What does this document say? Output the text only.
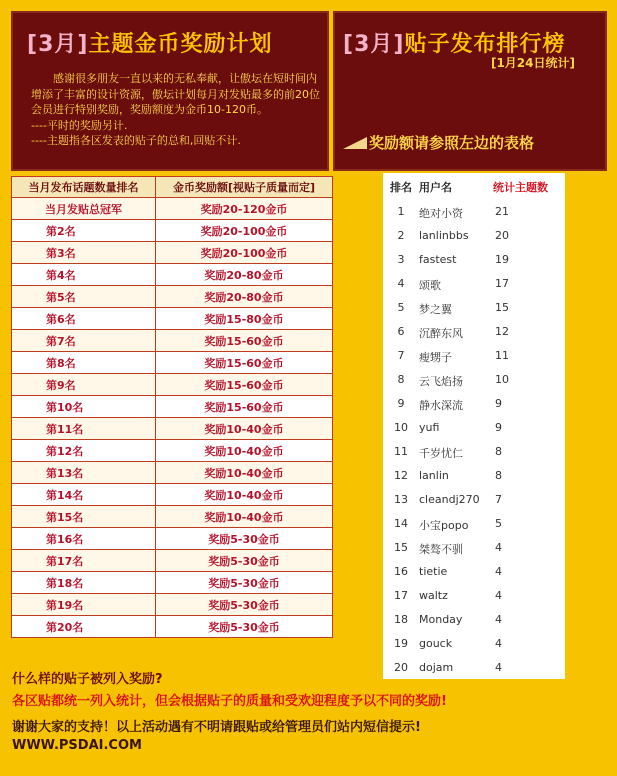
[3月]主题金币奖励计划

　　感谢很多朋友一直以来的无私奉献，让傲坛在短时间内增添了丰富的设计资源，傲坛计划每月对发贴最多的前20位会员进行特别奖励，奖励额度为金币10-120币。

----平时的奖励另计.

----主题指各区发表的贴子的总和,回贴不计.

[3月]贴子发布排行榜
[1月24日统计]
奖励额请参照左边的表格
当月发布话题数量排名	金币奖励额[视贴子质量而定]
当月发贴总冠军	奖励20-120金币
第2名	奖励20-100金币
第3名	奖励20-100金币
第4名	奖励20-80金币
第5名	奖励20-80金币
第6名	奖励15-80金币
第7名	奖励15-60金币
第8名	奖励15-60金币
第9名	奖励15-60金币
第10名	奖励15-60金币
第11名	奖励10-40金币
第12名	奖励10-40金币
第13名	奖励10-40金币
第14名	奖励10-40金币
第15名	奖励10-40金币
第16名	奖励5-30金币
第17名	奖励5-30金币
第18名	奖励5-30金币
第19名	奖励5-30金币
第20名	奖励5-30金币
排名 用户名	统计主题数
1	绝对小资	21
2	lanlinbbs 20
3	fastest	19
4	颂歌	17
5	梦之翼	15
6	沉醉东风	12
7	瘦甥子	11
8	云飞焰扬	10
9	静水深流	9
10 yufi	9
11 千岁忧仁	8
12 lanlin	8
13 cleandj270 7
14 小宝popo 5
15 桀骜不驯	4
16 tietie	4
17 waltz	4
18 Monday	4
19 gouck	4
20 dojam	4
什么样的贴子被列入奖励?
各区贴都统一列入统计，但会根据贴子的质量和受欢迎程度予以不同的奖励!
谢谢大家的支持！以上活动遇有不明请跟贴或给管理员们站内短信提示!
WWW.PSDAI.COM
